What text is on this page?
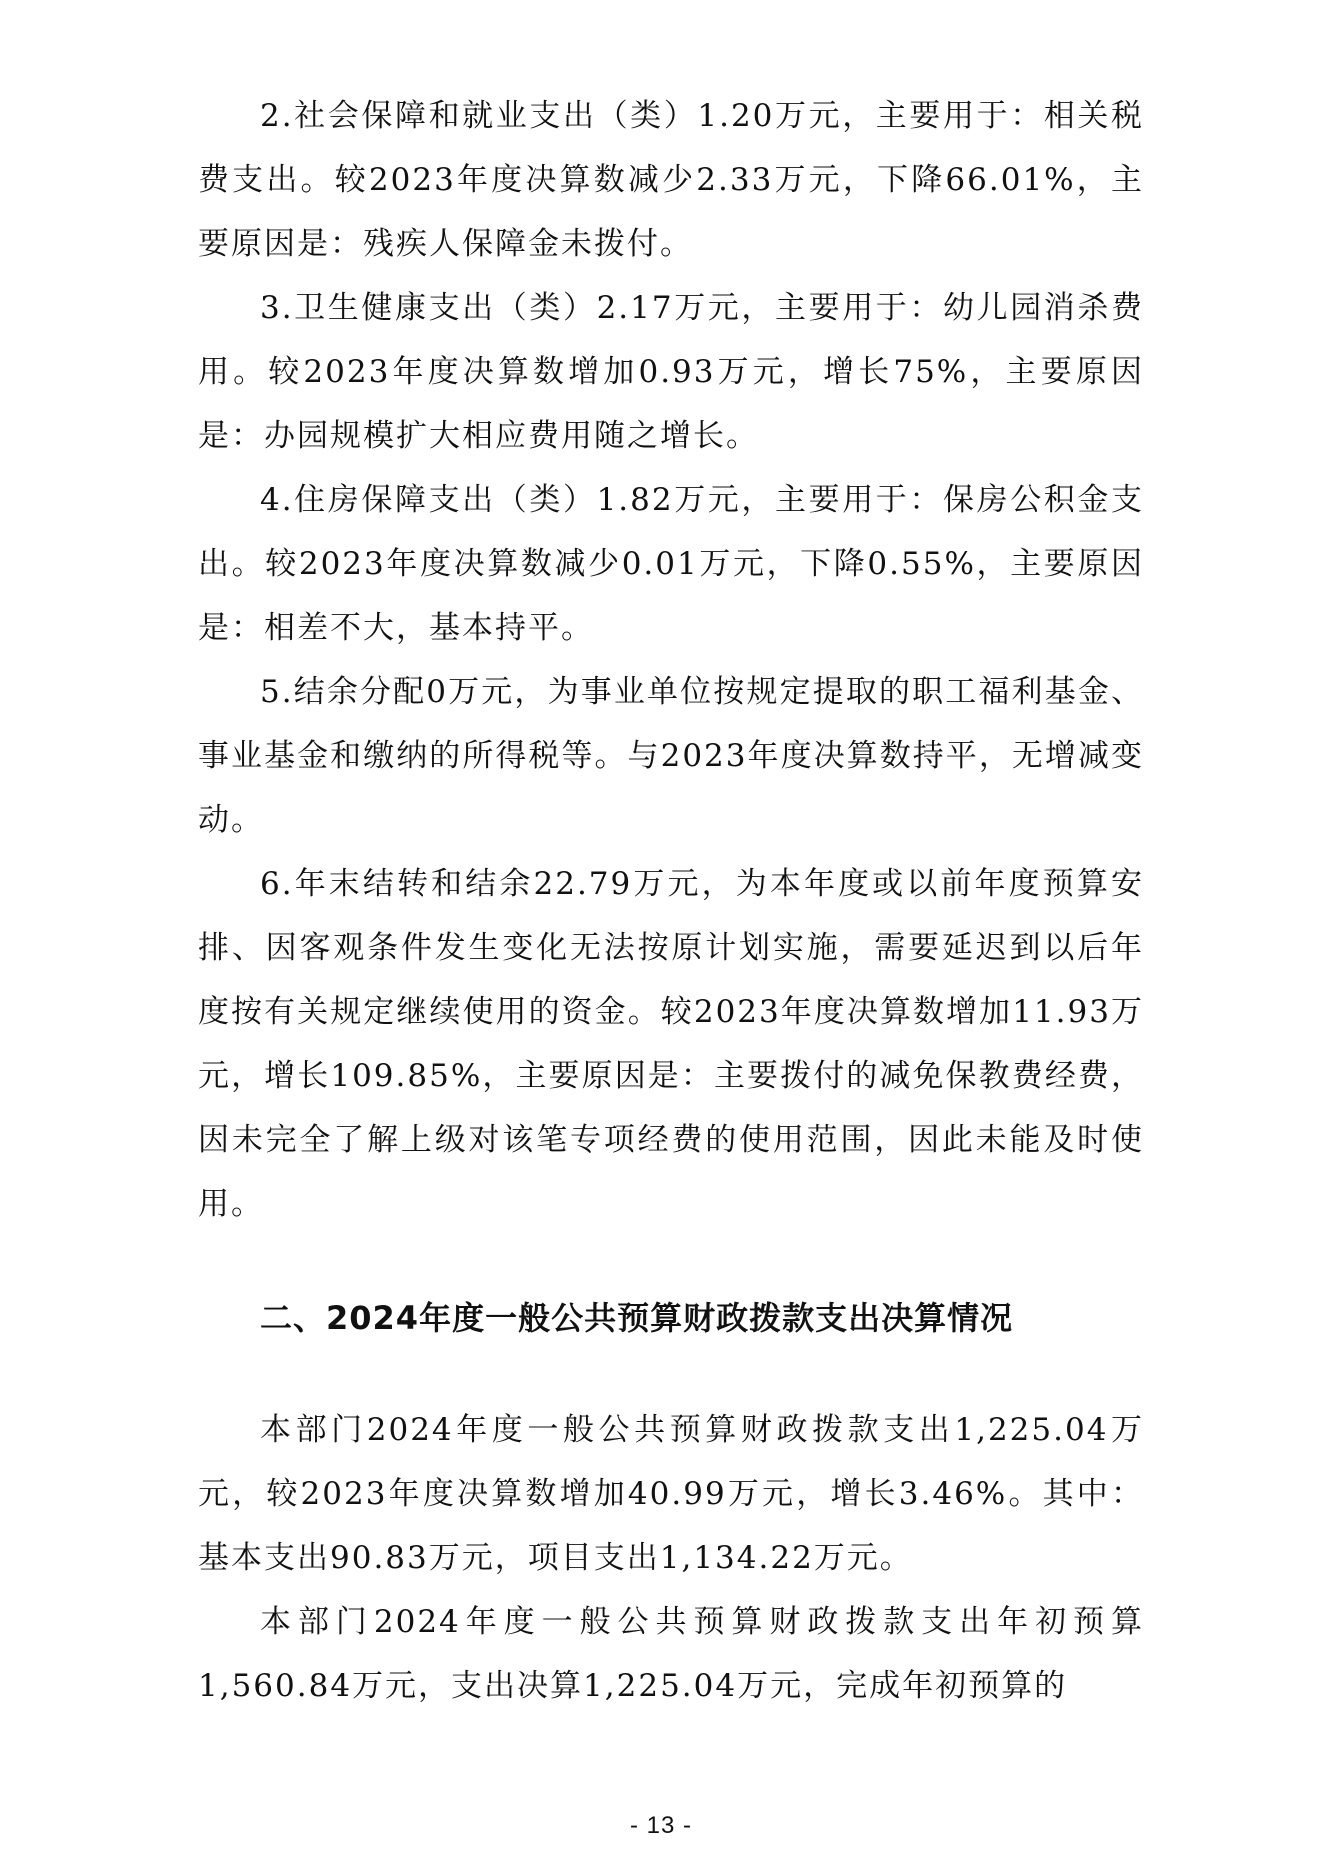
2.社会保障和就业支出（类）1.20万元，主要用于：相关税费支出。较2023年度决算数减少2.33万元，下降66.01%，主要原因是：残疾人保障金未拨付。

3.卫生健康支出（类）2.17万元，主要用于：幼儿园消杀费用。较2023年度决算数增加0.93万元，增长75%，主要原因是：办园规模扩大相应费用随之增长。

4.住房保障支出（类）1.82万元，主要用于：保房公积金支出。较2023年度决算数减少0.01万元，下降0.55%，主要原因是：相差不大，基本持平。

5.结余分配0万元，为事业单位按规定提取的职工福利基金、事业基金和缴纳的所得税等。与2023年度决算数持平，无增减变动。

6.年末结转和结余22.79万元，为本年度或以前年度预算安排、因客观条件发生变化无法按原计划实施，需要延迟到以后年度按有关规定继续使用的资金。较2023年度决算数增加11.93万元，增长109.85%，主要原因是：主要拨付的减免保教费经费，因未完全了解上级对该笔专项经费的使用范围，因此未能及时使用。

二、2024年度一般公共预算财政拨款支出决算情况

本部门2024年度一般公共预算财政拨款支出1,225.04万元，较2023年度决算数增加40.99万元，增长3.46%。其中：基本支出90.83万元，项目支出1,134.22万元。

本部门2024年度一般公共预算财政拨款支出年初预算1,560.84万元，支出决算1,225.04万元，完成年初预算的

- 13 -
